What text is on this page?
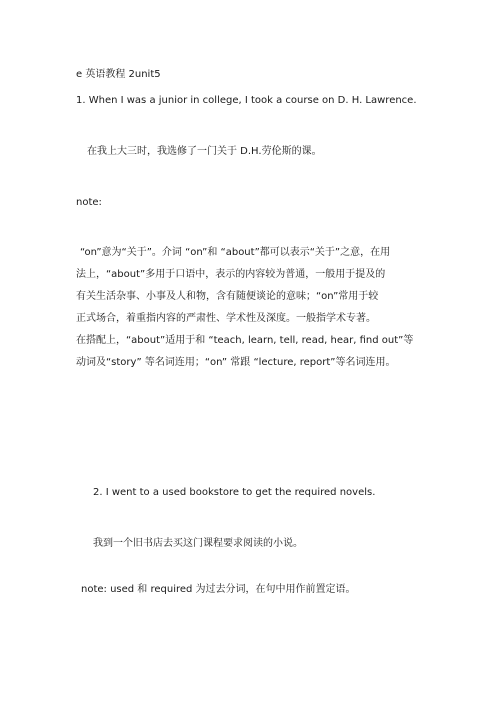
e 英语教程 2unit5
1. When I was a junior in college, I took a course on D. H. Lawrence.
在我上大三时，我选修了一门关于 D.H.劳伦斯的课。
note:
“on”意为“关于”。介词 “on”和 “about”都可以表示“关于”之意，在用
法上，“about”多用于口语中，表示的内容较为普通，一般用于提及的
有关生活杂事、小事及人和物，含有随便谈论的意味；“on”常用于较
正式场合，着重指内容的严肃性、学术性及深度。一般指学术专著。
在搭配上，“about”适用于和 “teach, learn, tell, read, hear, find out”等
动词及“story” 等名词连用；“on” 常跟 “lecture, report”等名词连用。
2. I went to a used bookstore to get the required novels.
我到一个旧书店去买这门课程要求阅读的小说。
note: used 和 required 为过去分词，在句中用作前置定语。
